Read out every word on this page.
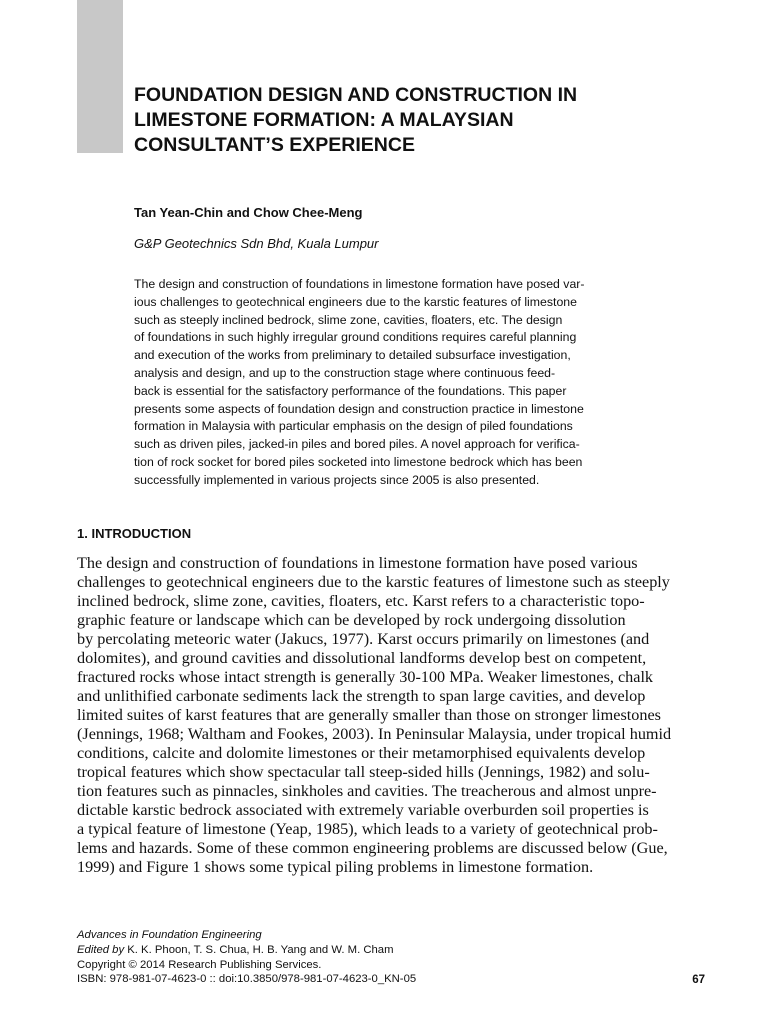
FOUNDATION DESIGN AND CONSTRUCTION IN
LIMESTONE FORMATION: A MALAYSIAN
CONSULTANT’S EXPERIENCE

Tan Yean-Chin and Chow Chee-Meng

G&P Geotechnics Sdn Bhd, Kuala Lumpur

The design and construction of foundations in limestone formation have posed var-
ious challenges to geotechnical engineers due to the karstic features of limestone
such as steeply inclined bedrock, slime zone, cavities, floaters, etc. The design
of foundations in such highly irregular ground conditions requires careful planning
and execution of the works from preliminary to detailed subsurface investigation,
analysis and design, and up to the construction stage where continuous feed-
back is essential for the satisfactory performance of the foundations. This paper
presents some aspects of foundation design and construction practice in limestone
formation in Malaysia with particular emphasis on the design of piled foundations
such as driven piles, jacked-in piles and bored piles. A novel approach for verifica-
tion of rock socket for bored piles socketed into limestone bedrock which has been
successfully implemented in various projects since 2005 is also presented.
1. INTRODUCTION
The design and construction of foundations in limestone formation have posed various
challenges to geotechnical engineers due to the karstic features of limestone such as steeply
inclined bedrock, slime zone, cavities, floaters, etc. Karst refers to a characteristic topo-
graphic feature or landscape which can be developed by rock undergoing dissolution
by percolating meteoric water (Jakucs, 1977). Karst occurs primarily on limestones (and
dolomites), and ground cavities and dissolutional landforms develop best on competent,
fractured rocks whose intact strength is generally 30-100 MPa. Weaker limestones, chalk
and unlithified carbonate sediments lack the strength to span large cavities, and develop
limited suites of karst features that are generally smaller than those on stronger limestones
(Jennings, 1968; Waltham and Fookes, 2003). In Peninsular Malaysia, under tropical humid
conditions, calcite and dolomite limestones or their metamorphised equivalents develop
tropical features which show spectacular tall steep-sided hills (Jennings, 1982) and solu-
tion features such as pinnacles, sinkholes and cavities. The treacherous and almost unpre-
dictable karstic bedrock associated with extremely variable overburden soil properties is
a typical feature of limestone (Yeap, 1985), which leads to a variety of geotechnical prob-
lems and hazards. Some of these common engineering problems are discussed below (Gue,
1999) and Figure 1 shows some typical piling problems in limestone formation.
Advances in Foundation Engineering
Edited by K. K. Phoon, T. S. Chua, H. B. Yang and W. M. Cham
Copyright © 2014 Research Publishing Services.
ISBN: 978-981-07-4623-0 :: doi:10.3850/978-981-07-4623-0_KN-05	67
